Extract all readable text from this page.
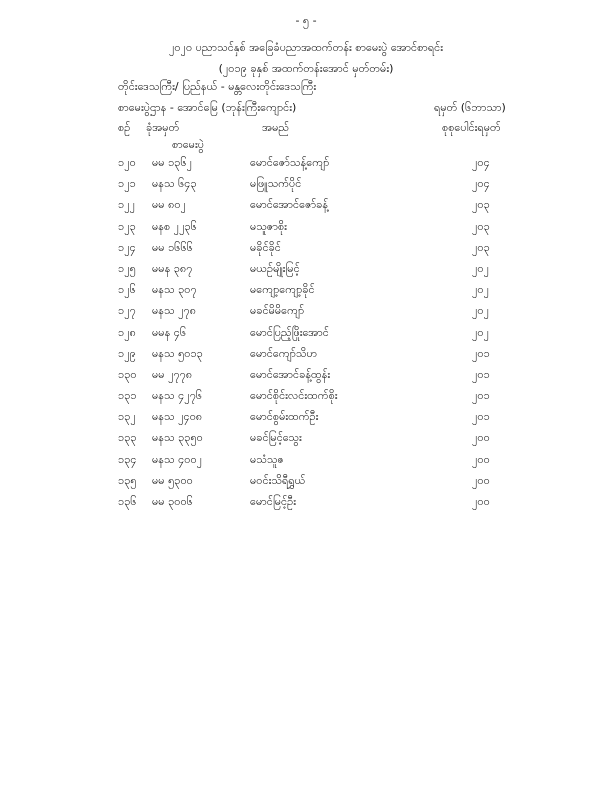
- ၅ -
၂၀၂၀ ပညာသင်နှစ် အခြေခံပညာအထက်တန်း စာမေးပွဲ အောင်စာရင်း
(၂၀၁၉ ခုနှစ် အထက်တန်းအောင် မှတ်တမ်း)
တိုင်းဒေသကြီး/ ပြည်နယ် - မန္တလေးတိုင်းဒေသကြီး
စာမေးပွဲဌာန - အောင်မြေ (ဘုန်းကြီးကျောင်း)	ရမှတ် (၆ဘာသာ)
စဉ် ခုံအမှတ်
စာမေးပွဲ
အမည်	စုစုပေါင်းရမှတ်
၁၂၀ မမ ၁၃၆၂	မောင်ဇော်သန့်ကျော်	၂၀၄
၁၂၁ မနသ ၆၄၃	မဖြူသက်ပိုင်	၂၀၄
၁၂၂ မမ ၈၀၂	မောင်အောင်ဇော်ခန့်	၂၀၃
၁၂၃ မနစ ၂၂၃၆	မသူဇာစိုး	၂၀၃
၁၂၄ မမ ၁၆၆၆	မခိုင်ခိုင်	၂၀၃
၁၂၅ မမန ၃၈၇	မယဉ်မျိုးမြင့်	၂၀၂
၁၂၆ မနသ ၃၀၇	မကျော့ကျော့ခိုင်	၂၀၂
၁၂၇ မနသ ၂၇၈	မခင်မိမိကျော်	၂၀၂
၁၂၈ မမန ၄၆	မောင်ပြည့်ဖြိုးအောင်	၂၀၂
၁၂၉ မနသ ၅၀၁၃	မောင်ကျော်သိဟ	၂၀၁
၁၃၀ မမ ၂၇၇၈	မောင်အောင်ခန့်ထွန်း	၂၀၁
၁၃၁ မနသ ၄၂၇၆	မောင်စိုင်းလင်းထက်စိုး	၂၀၁
၁၃၂ မနသ ၂၄၀၈	မောင်စွမ်းထက်ဦး	၂၀၁
၁၃၃ မနသ ၃၃၅၀	မခင်မြင့်သွေး	၂၀၀
၁၃၄ မနသ ၄၀၀၂	မသံသူဇ	၂၀၀
၁၃၅ မမ ၅၃၀၀	မဝင်းသိရီရွှယ်	၂၀၀
၁၃၆ မမ ၃၀၀၆	မောင်မြင့်ဦး	၂၀၀
